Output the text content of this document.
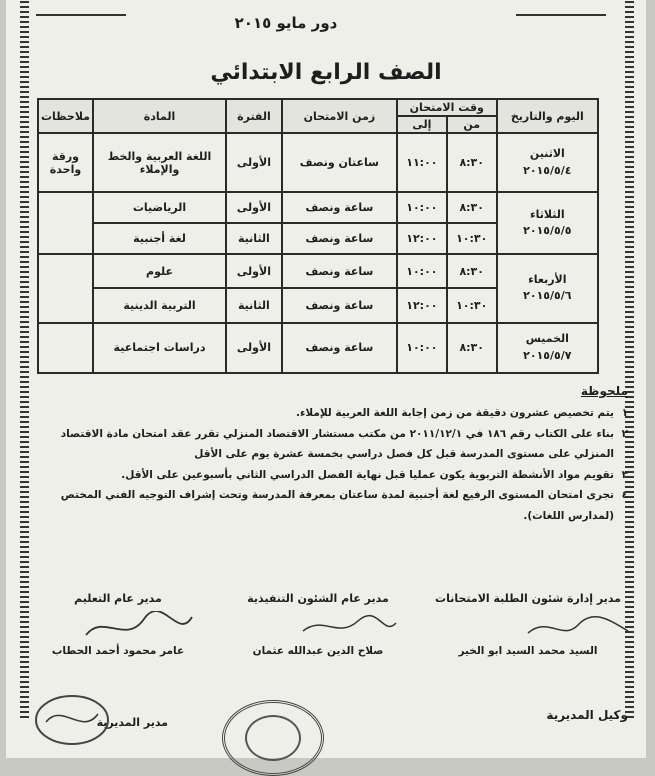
دور مايو ٢٠١٥
الصف الرابع الابتدائي
اليوم والتاريخ	وقت الامتحان		زمن الامتحان	الفترة	المادة	ملاحظات
	من	إلى				
الاثنين
٢٠١٥/٥/٤	٨:٣٠	١١:٠٠	ساعتان ونصف	الأولى	اللغة العربية والخط والإملاء	ورقة واحدة
الثلاثاء
٢٠١٥/٥/٥	٨:٣٠	١٠:٠٠	ساعة ونصف	الأولى	الرياضيات	
	١٠:٣٠	١٢:٠٠	ساعة ونصف	الثانية	لغة أجنبية	
الأربعاء
٢٠١٥/٥/٦	٨:٣٠	١٠:٠٠	ساعة ونصف	الأولى	علوم	
	١٠:٣٠	١٢:٠٠	ساعة ونصف	الثانية	التربية الدينية	
الخميس
٢٠١٥/٥/٧	٨:٣٠	١٠:٠٠	ساعة ونصف	الأولى	دراسات اجتماعية	
ملحوظة
١
يتم تخصيص عشرون دقيقة من زمن إجابة اللغة العربية للإملاء.
٢
بناء على الكتاب رقم ١٨٦ في ٢٠١١/١٢/١ من مكتب مستشار الاقتصاد المنزلي تقرر عقد امتحان مادة الاقتصاد المنزلي على مستوى المدرسة قبل كل فصل دراسي بخمسة عشرة يوم على الأقل
٣
تقويم مواد الأنشطة التربوية يكون عمليا قبل نهاية الفصل الدراسي الثاني بأسبوعين على الأقل.
٤
تجرى امتحان المستوى الرفيع لغة أجنبية لمدة ساعتان بمعرفة المدرسة وتحت إشراف التوجيه الفني المختص (لمدارس اللغات).
مدير إدارة شئون الطلبة الامتحانات
السيد محمد السيد ابو الخير
مدير عام الشئون التنفيذية
صلاح الدين عبدالله عثمان
مدير عام التعليم
عامر محمود أحمد الحطاب
وكيل المديرية
مدير المديرية
